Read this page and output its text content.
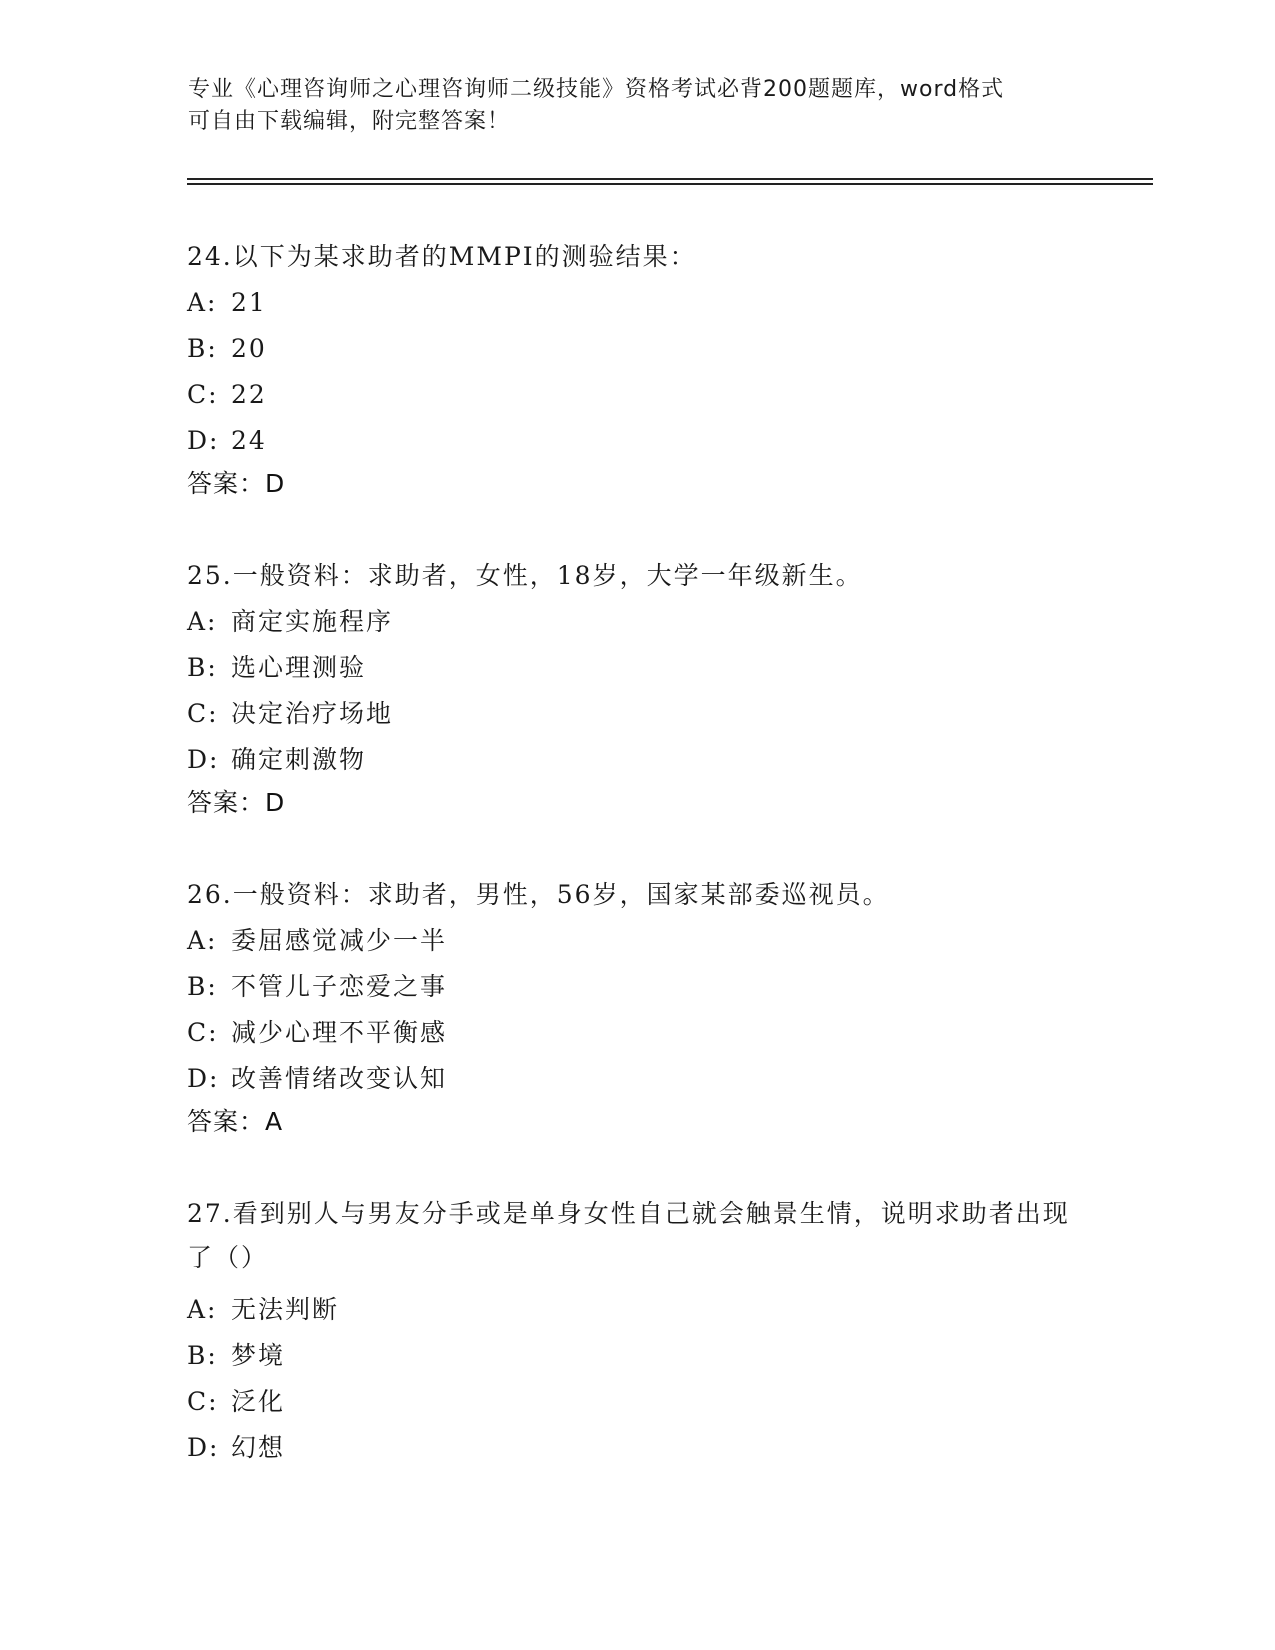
专业《心理咨询师之心理咨询师二级技能》资格考试必背200题题库，word格式
可自由下载编辑，附完整答案！
24.以下为某求助者的MMPI的测验结果：
A: 21
B: 20
C: 22
D: 24
答案：D
25.一般资料：求助者，女性，18岁，大学一年级新生。
A: 商定实施程序
B: 选心理测验
C: 决定治疗场地
D: 确定刺激物
答案：D
26.一般资料：求助者，男性，56岁，国家某部委巡视员。
A: 委屈感觉减少一半
B: 不管儿子恋爱之事
C: 减少心理不平衡感
D: 改善情绪改变认知
答案：A
27.看到别人与男友分手或是单身女性自己就会触景生情，说明求助者出现了（）
A: 无法判断
B: 梦境
C: 泛化
D: 幻想
